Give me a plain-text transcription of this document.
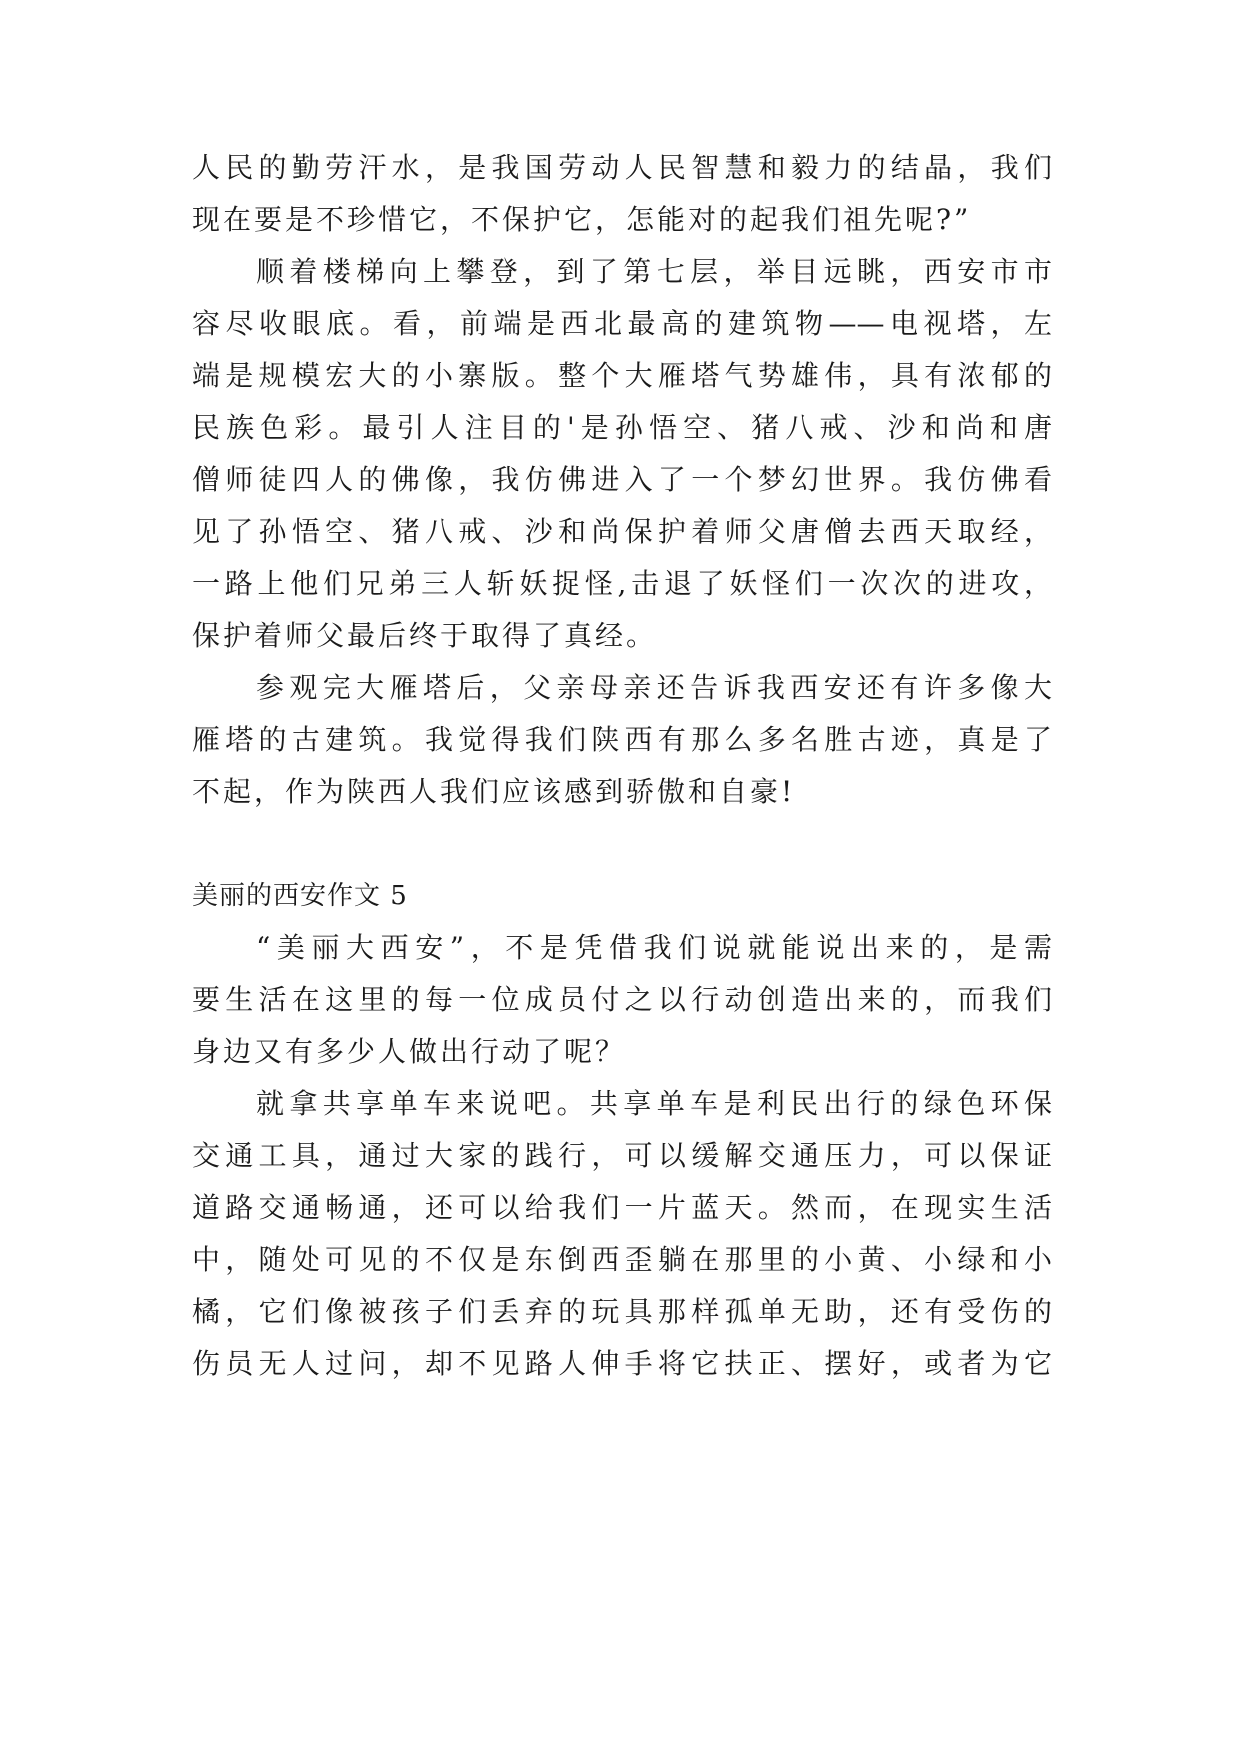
人民的勤劳汗水，是我国劳动人民智慧和毅力的结晶，我们
现在要是不珍惜它，不保护它，怎能对的起我们祖先呢?”
顺着楼梯向上攀登，到了第七层，举目远眺，西安市市
容尽收眼底。看，前端是西北最高的建筑物——电视塔，左
端是规模宏大的小寨版。整个大雁塔气势雄伟，具有浓郁的
民族色彩。最引人注目的'是孙悟空、猪八戒、沙和尚和唐
僧师徒四人的佛像，我仿佛进入了一个梦幻世界。我仿佛看
见了孙悟空、猪八戒、沙和尚保护着师父唐僧去西天取经，
一路上他们兄弟三人斩妖捉怪,击退了妖怪们一次次的进攻，
保护着师父最后终于取得了真经。
参观完大雁塔后，父亲母亲还告诉我西安还有许多像大
雁塔的古建筑。我觉得我们陕西有那么多名胜古迹，真是了
不起，作为陕西人我们应该感到骄傲和自豪!
美丽的西安作文 5
“美丽大西安”，不是凭借我们说就能说出来的，是需
要生活在这里的每一位成员付之以行动创造出来的，而我们
身边又有多少人做出行动了呢？
就拿共享单车来说吧。共享单车是利民出行的绿色环保
交通工具，通过大家的践行，可以缓解交通压力，可以保证
道路交通畅通，还可以给我们一片蓝天。然而，在现实生活
中，随处可见的不仅是东倒西歪躺在那里的小黄、小绿和小
橘，它们像被孩子们丢弃的玩具那样孤单无助，还有受伤的
伤员无人过问，却不见路人伸手将它扶正、摆好，或者为它
